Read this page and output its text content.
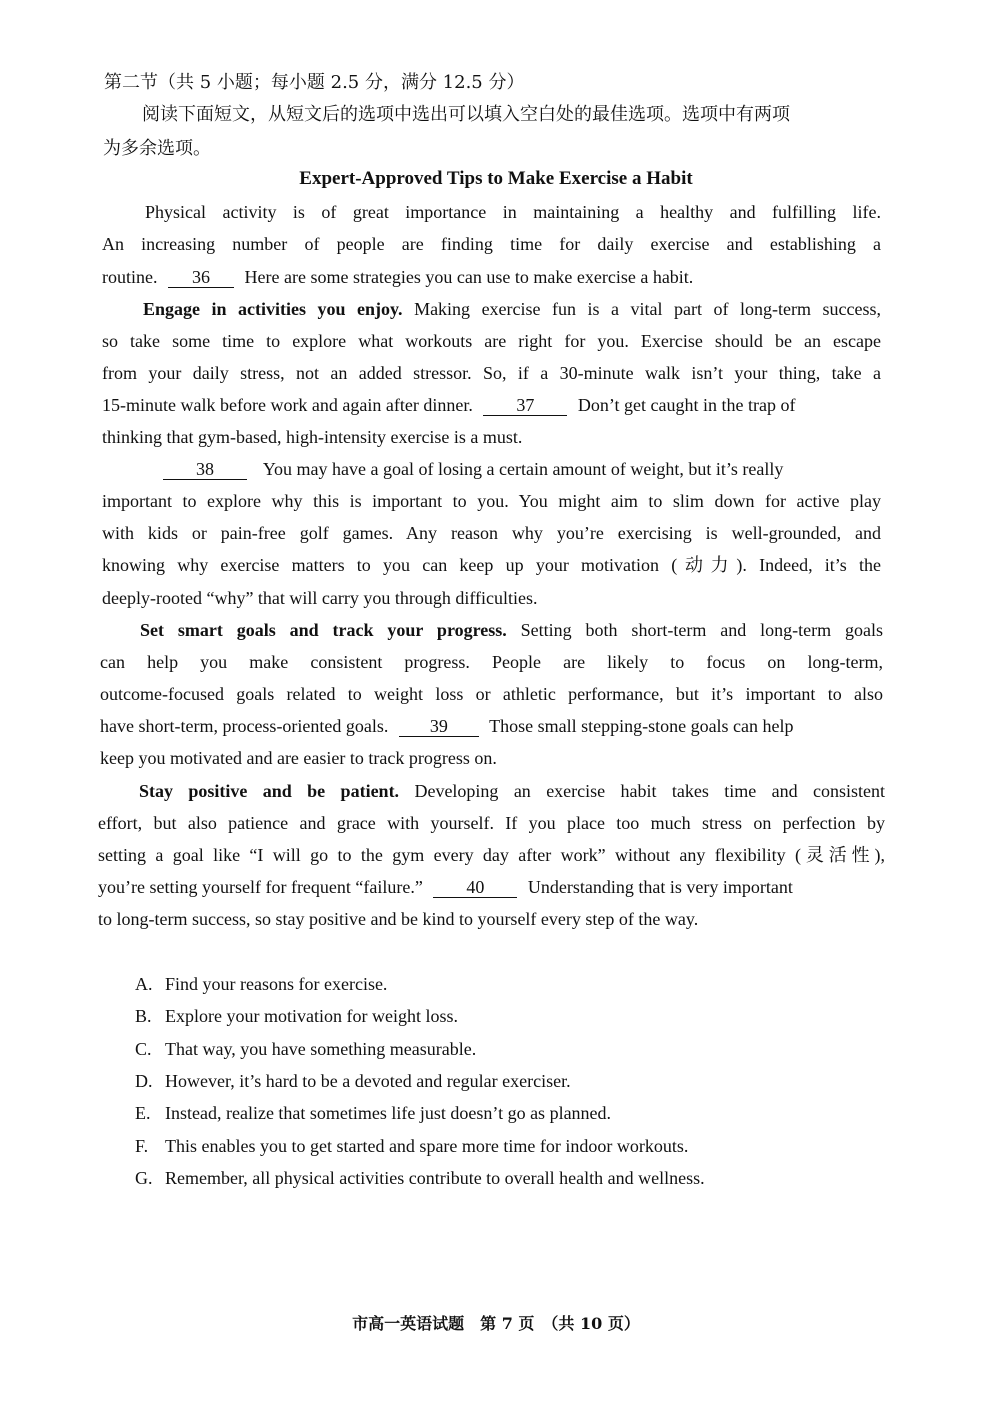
第二节（共 5 小题；每小题 2.5 分，满分 12.5 分）
阅读下面短文，从短文后的选项中选出可以填入空白处的最佳选项。选项中有两项
为多余选项。
Expert-Approved Tips to Make Exercise a Habit
Physical activity is of great importance in maintaining a healthy and fulfilling life.
An increasing number of people are finding time for daily exercise and establishing a
routine. 36 Here are some strategies you can use to make exercise a habit.
Engage in activities you enjoy. Making exercise fun is a vital part of long-term success,
so take some time to explore what workouts are right for you. Exercise should be an escape
from your daily stress, not an added stressor. So, if a 30-minute walk isn’t your thing, take a
15-minute walk before work and again after dinner. 37 Don’t get caught in the trap of
thinking that gym-based, high-intensity exercise is a must.
38	You may have a goal of losing a certain amount of weight, but it’s really
important to explore why this is important to you. You might aim to slim down for active play
with kids or pain-free golf games. Any reason why you’re exercising is well-grounded, and
knowing why exercise matters to you can keep up your motivation (动力). Indeed, it’s the
deeply-rooted “why” that will carry you through difficulties.
Set smart goals and track your progress. Setting both short-term and long-term goals
can help you make consistent progress. People are likely to focus on long-term,
outcome-focused goals related to weight loss or athletic performance, but it’s important to also
have short-term, process-oriented goals. 39 Those small stepping-stone goals can help
keep you motivated and are easier to track progress on.
Stay positive and be patient. Developing an exercise habit takes time and consistent
effort, but also patience and grace with yourself. If you place too much stress on perfection by
setting a goal like “I will go to the gym every day after work” without any flexibility (灵活性),
you’re setting yourself for frequent “failure.” 40 Understanding that is very important
to long-term success, so stay positive and be kind to yourself every step of the way.
A. Find your reasons for exercise.
B. Explore your motivation for weight loss.
C. That way, you have something measurable.
D. However, it’s hard to be a devoted and regular exerciser.
E. Instead, realize that sometimes life just doesn’t go as planned.
F. This enables you to get started and spare more time for indoor workouts.
G. Remember, all physical activities contribute to overall health and wellness.
市高一英语试题　第 7 页　（共 10 页）
